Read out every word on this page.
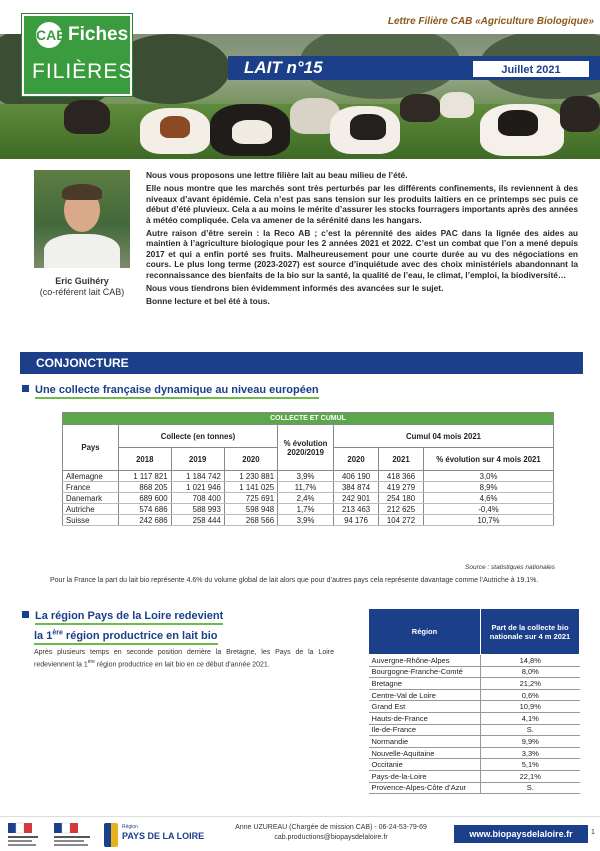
Lettre Filière CAB «Agriculture Biologique»
CAB Fiches
FILIÈRES	LAIT n°15	Juillet 2021
Eric Guihéry
(co-référent lait CAB)

Nous vous proposons une lettre filière lait au beau milieu de l’été.

Elle nous montre que les marchés sont très perturbés par les différents confinements, ils reviennent à des niveaux d’avant épidémie. Cela n’est pas sans tension sur les produits laitiers en ce printemps sec puis ce début d’été pluvieux. Cela a au moins le mérite d’assurer les stocks fourragers importants après des années à météo compliquée. Cela va amener de la sérénité dans les hangars.

Autre raison d’être serein : la Reco AB ; c’est la pérennité des aides PAC dans la lignée des aides au maintien à l’agriculture biologique pour les 2 années 2021 et 2022. C’est un combat que l’on a mené depuis 2017 et qui a enfin porté ses fruits. Malheureusement pour une courte durée au vu des négociations en cours. Le plus long terme (2023-2027) est source d’inquiétude avec des choix ministériels abandonnant la reconnaissance des bienfaits de la bio sur la santé, la qualité de l’eau, le climat, l’emploi, la biodiversité…

Nous vous tiendrons bien évidemment informés des avancées sur le sujet.

Bonne lecture et bel été à tous.

CONJONCTURE
Une collecte française dynamique au niveau européen
COLLECTE ET CUMUL							
Pays	Collecte (en tonnes)			% évolution 2020/2019	Cumul 04 mois 2021		
	2018	2019	2020		2020	2021	% évolution sur 4 mois 2021
Allemagne	1 117 821	1 184 742	1 230 881	3,9%	406 190	418 366	3,0%
France	868 205	1 021 946	1 141 025	11,7%	384 874	419 279	8,9%
Danemark	689 600	708 400	725 691	2,4%	242 901	254 180	4,6%
Autriche	574 686	588 993	598 948	1,7%	213 463	212 625	-0,4%
Suisse	242 686	258 444	268 566	3,9%	94 176	104 272	10,7%
Source : statistiques nationales
Pour la France la part du lait bio représente 4.6% du volume global de lait alors que pour d’autres pays cela représente davantage comme l’Autriche à 19.1%.
La région Pays de la Loire redevient
la 1ère région productrice en lait bio
Après plusieurs temps en seconde position derrière la Bretagne, les Pays de la Loire redeviennent la 1ère région productrice en lait bio en ce début d’année 2021.
Région	Part de la collecte bio nationale sur 4 m 2021
Auvergne-Rhône-Alpes	14,8%
Bourgogne-Franche-Comté	8,0%
Bretagne	21,2%
Centre-Val de Loire	0,6%
Grand Est	10,9%
Hauts-de-France	4,1%
Ile-de-France	S.
Normandie	9,9%
Nouvelle-Aquitaine	3,3%
Occitanie	5,1%
Pays-de-la-Loire	22,1%
Provence-Alpes-Côte d’Azur	S.
Région
PAYS DE LA LOIRE
Anne UZUREAU (Chargée de mission CAB) - 06-24-53-79-69
cab.productions@biopaysdelaloire.fr	www.biopaysdelaloire.fr	1
